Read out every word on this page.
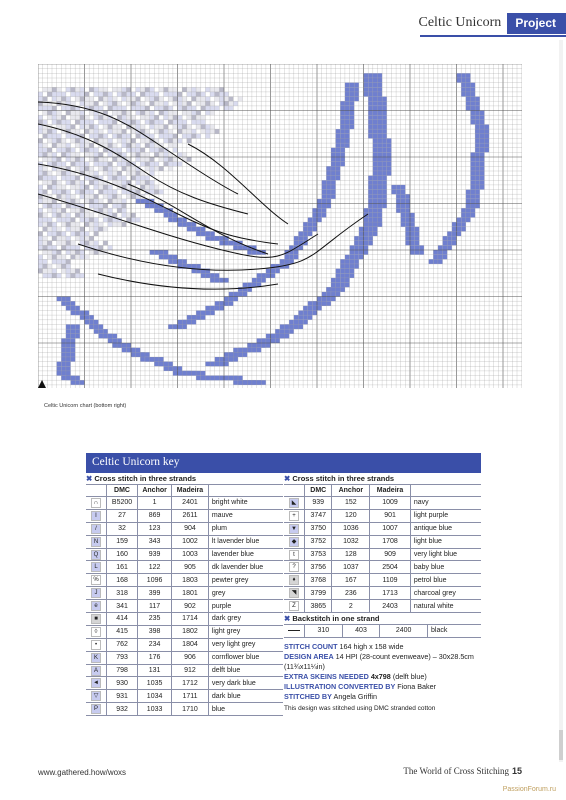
Celtic Unicorn	Project
Celtic Unicorn chart (bottom right)
Celtic Unicorn key
✖ Cross stitch in three strands
	DMC	Anchor	Madeira	
∩	B5200	1	2401	bright white
I	27	869	2611	mauve
/	32	123	904	plum
N	159	343	1002	lt lavender blue
Q	160	939	1003	lavender blue
L	161	122	905	dk lavender blue
%	168	1096	1803	pewter grey
J	318	399	1801	grey
e	341	117	902	purple
■	414	235	1714	dark grey
◊	415	398	1802	light grey
•	762	234	1804	very light grey
K	793	176	906	cornflower blue
A	798	131	912	delft blue
◄	930	1035	1712	very dark blue
▽	931	1034	1711	dark blue
P	932	1033	1710	blue
✖ Cross stitch in three strands
	DMC	Anchor	Madeira	
◣	939	152	1009	navy
+	3747	120	901	light purple
▼	3750	1036	1007	antique blue
◆	3752	1032	1708	light blue
t	3753	128	909	very light blue
?	3756	1037	2504	baby blue
♦	3768	167	1109	petrol blue
◥	3799	236	1713	charcoal grey
Z	3865	2	2403	natural white
✖ Backstitch in one strand
	310	403	2400	black
STITCH COUNT 164 high x 158 wide
DESIGN AREA 14 HPI (28-count evenweave) – 30x28.5cm (11¾x11¼in)
EXTRA SKEINS NEEDED 4x798 (delft blue)
ILLUSTRATION CONVERTED BY Fiona Baker
STITCHED BY Angela Griffin
This design was stitched using DMC stranded cotton
www.gathered.how/woxs	The World of Cross Stitching 15
PassionForum.ru
